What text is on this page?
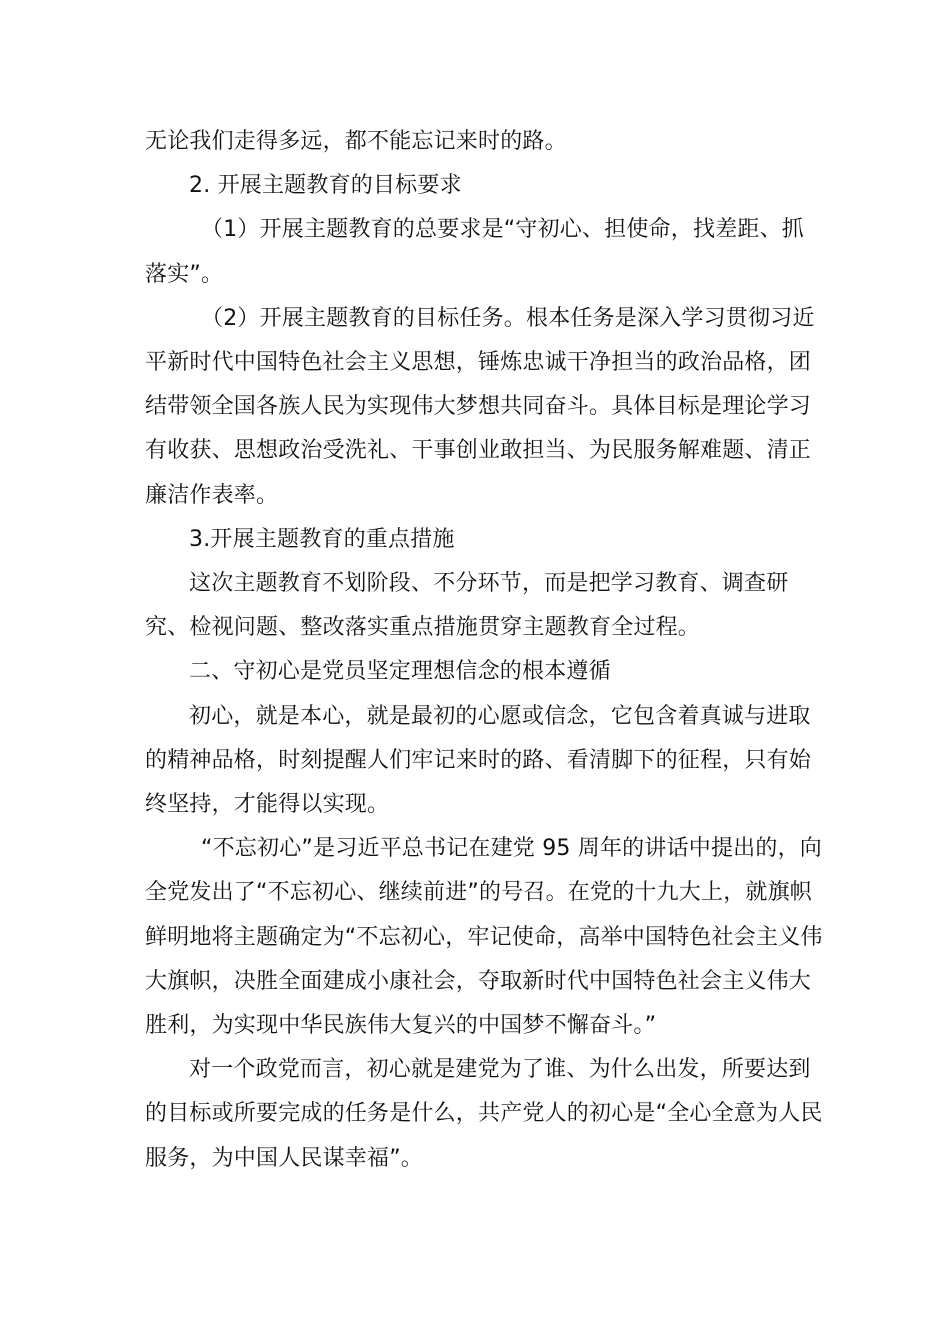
无论我们走得多远，都不能忘记来时的路。

2. 开展主题教育的目标要求

（1）开展主题教育的总要求是“守初心、担使命，找差距、抓落实”。

（2）开展主题教育的目标任务。根本任务是深入学习贯彻习近平新时代中国特色社会主义思想，锤炼忠诚干净担当的政治品格，团结带领全国各族人民为实现伟大梦想共同奋斗。具体目标是理论学习有收获、思想政治受洗礼、干事创业敢担当、为民服务解难题、清正廉洁作表率。

3.开展主题教育的重点措施

这次主题教育不划阶段、不分环节，而是把学习教育、调查研究、检视问题、整改落实重点措施贯穿主题教育全过程。

二、守初心是党员坚定理想信念的根本遵循

初心，就是本心，就是最初的心愿或信念，它包含着真诚与进取的精神品格，时刻提醒人们牢记来时的路、看清脚下的征程，只有始终坚持，才能得以实现。

“不忘初心”是习近平总书记在建党 95 周年的讲话中提出的，向全党发出了“不忘初心、继续前进”的号召。在党的十九大上，就旗帜鲜明地将主题确定为“不忘初心，牢记使命，高举中国特色社会主义伟大旗帜，决胜全面建成小康社会，夺取新时代中国特色社会主义伟大胜利，为实现中华民族伟大复兴的中国梦不懈奋斗。”

对一个政党而言，初心就是建党为了谁、为什么出发，所要达到的目标或所要完成的任务是什么，共产党人的初心是“全心全意为人民服务，为中国人民谋幸福”。
